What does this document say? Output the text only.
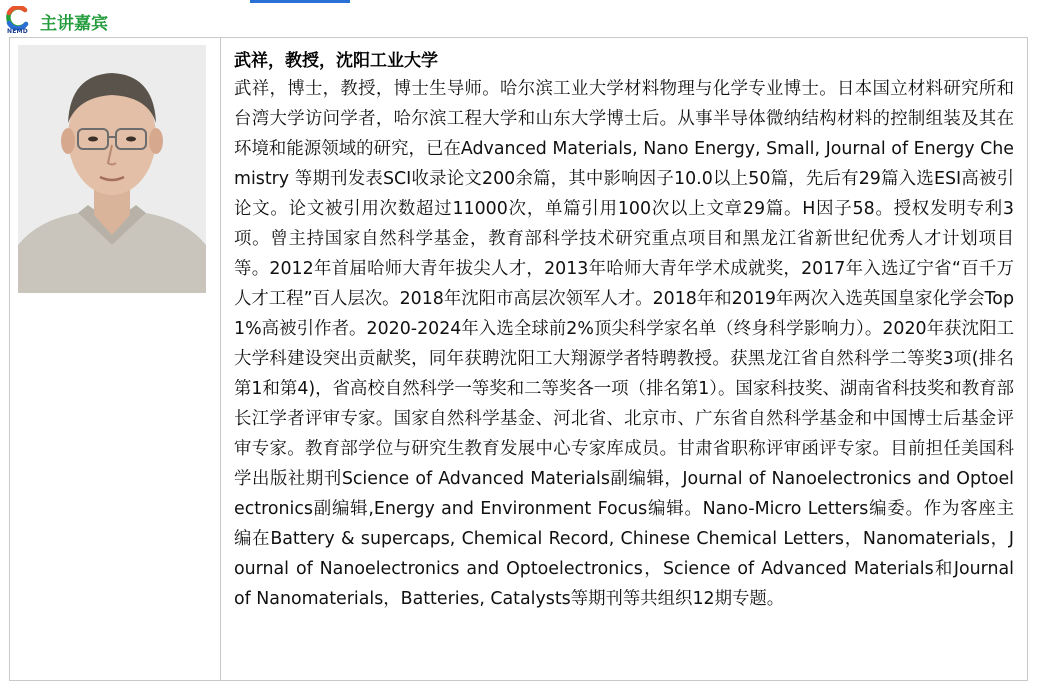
NEMD 主讲嘉宾
武祥，教授，沈阳工业大学
武祥，博士，教授，博士生导师。哈尔滨工业大学材料物理与化学专业博士。日本国立材料研究所和台湾大学访问学者，哈尔滨工程大学和山东大学博士后。从事半导体微纳结构材料的控制组装及其在环境和能源领域的研究，已在Advanced Materials, Nano Energy, Small, Journal of Energy Chemistry 等期刊发表SCI收录论文200余篇，其中影响因子10.0以上50篇，先后有29篇入选ESI高被引论文。论文被引用次数超过11000次，单篇引用100次以上文章29篇。H因子58。授权发明专利3项。曾主持国家自然科学基金，教育部科学技术研究重点项目和黑龙江省新世纪优秀人才计划项目等。2012年首届哈师大青年拔尖人才，2013年哈师大青年学术成就奖，2017年入选辽宁省“百千万人才工程”百人层次。2018年沈阳市高层次领军人才。2018年和2019年两次入选英国皇家化学会Top 1%高被引作者。2020-2024年入选全球前2%顶尖科学家名单（终身科学影响力）。2020年获沈阳工大学科建设突出贡献奖，同年获聘沈阳工大翔源学者特聘教授。获黑龙江省自然科学二等奖3项(排名第1和第4)，省高校自然科学一等奖和二等奖各一项（排名第1）。国家科技奖、湖南省科技奖和教育部长江学者评审专家。国家自然科学基金、河北省、北京市、广东省自然科学基金和中国博士后基金评审专家。教育部学位与研究生教育发展中心专家库成员。甘肃省职称评审函评专家。目前担任美国科学出版社期刊Science of Advanced Materials副编辑，Journal of Nanoelectronics and Optoelectronics副编辑,Energy and Environment Focus编辑。Nano-Micro Letters编委。作为客座主编在Battery & supercaps, Chemical Record, Chinese Chemical Letters，Nanomaterials，Journal of Nanoelectronics and Optoelectronics，Science of Advanced Materials和Journal of Nanomaterials，Batteries, Catalysts等期刊等共组织12期专题。
